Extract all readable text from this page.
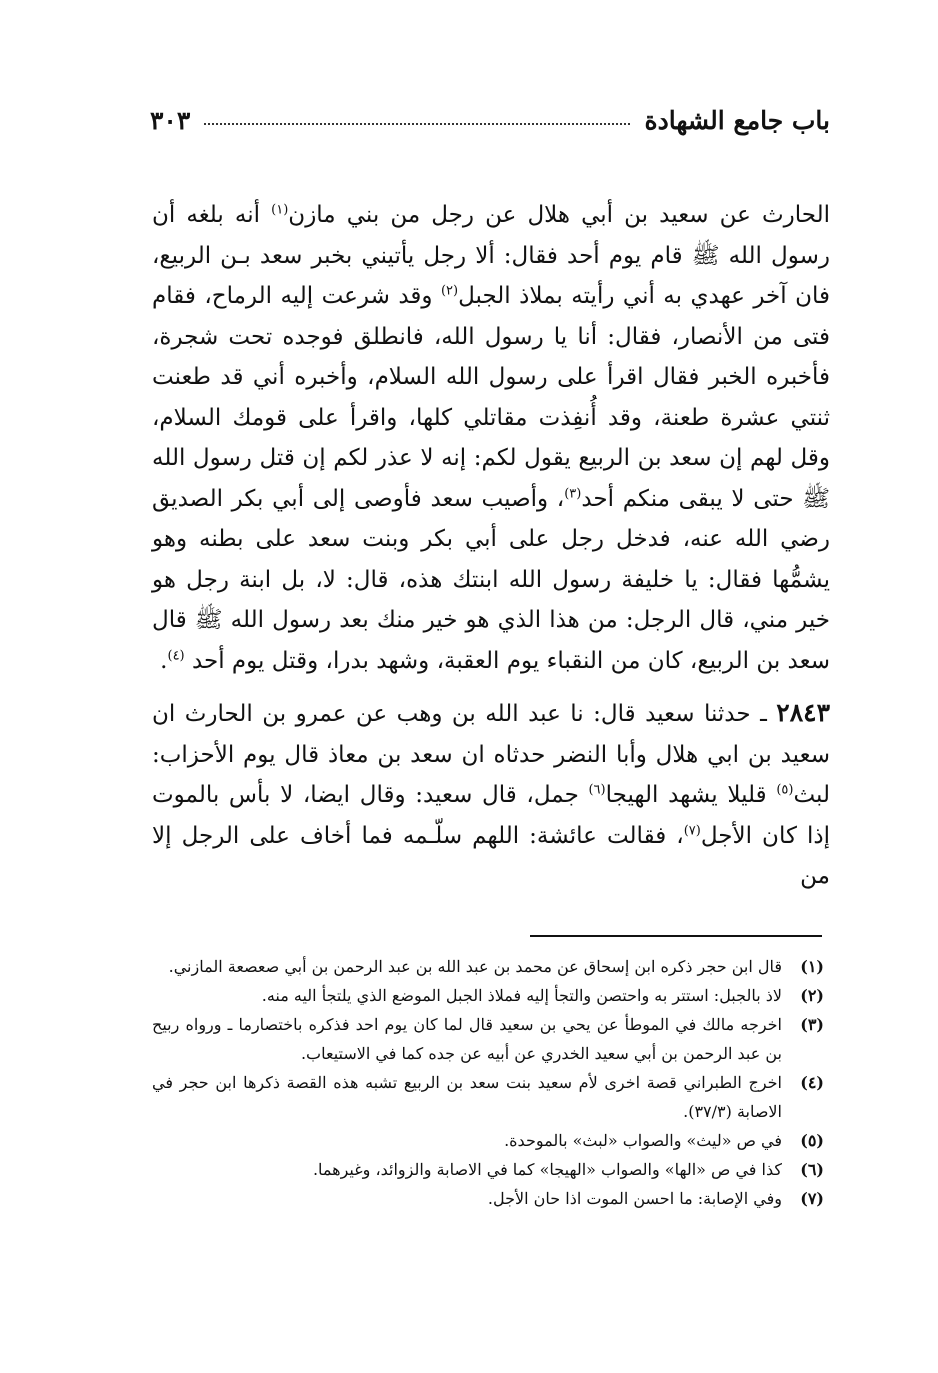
باب جامع الشهادة
٣٠٣

الحارث عن سعيد بن أبي هلال عن رجل من بني مازن$^{(١)}$ أنه بلغه أن رسول الله ﷺ قام يوم أحد فقال: ألا رجل يأتيني بخبر سعد بـن الربيع، فان آخر عهدي به أني رأيته بملاذ الجبل$^{(٢)}$ وقد شرعت إليه الرماح، فقام فتى من الأنصار، فقال: أنا يا رسول الله، فانطلق فوجده تحت شجرة، فأخبره الخبر فقال اقرأ على رسول الله السلام، وأخبره أني قد طعنت ثنتي عشرة طعنة، وقد أُنفِذت مقاتلي كلها، واقرأ على قومك السلام، وقل لهم إن سعد بن الربيع يقول لكم: إنه لا عذر لكم إن قتل رسول الله ﷺ حتى لا يبقى منكم أحد$^{(٣)}$، وأصيب سعد فأوصى إلى أبي بكر الصديق رضي الله عنه، فدخل رجل على أبي بكر وبنت سعد على بطنه وهو يشمُّها فقال: يا خليفة رسول الله ابنتك هذه، قال: لا، بل ابنة رجل هو خير مني، قال الرجل: من هذا الذي هو خير منك بعد رسول الله ﷺ قال سعد بن الربيع، كان من النقباء يوم العقبة، وشهد بدرا، وقتل يوم أحد $^{(٤)}$.

٢٨٤٣ ـ حدثنا سعيد قال: نا عبد الله بن وهب عن عمرو بن الحارث ان سعيد بن ابي هلال وأبا النضر حدثاه ان سعد بن معاذ قال يوم الأحزاب: لبث$^{(٥)}$ قليلا يشهد الهيجا$^{(٦)}$ جمل، قال سعيد: وقال ايضا، لا بأس بالموت إذا كان الأجل$^{(٧)}$، فقالت عائشة: اللهم سلّـمه فما أخاف على الرجل إلا من

(١)
قال ابن حجر ذكره ابن إسحاق عن محمد بن عبد الله بن عبد الرحمن بن أبي صعصعة المازني.
(٢)
لاذ بالجبل: استتر به واحتصن والتجأ إليه فملاذ الجبل الموضع الذي يلتجأ اليه منه.
(٣)
اخرجه مالك في الموطأ عن يحي بن سعيد قال لما كان يوم احد فذكره باختصارما ـ ورواه ربيح بن عبد الرحمن بن أبي سعيد الخدري عن أبيه عن جده كما في الاستيعاب.
(٤)
اخرج الطبراني قصة اخرى لأم سعيد بنت سعد بن الربيع تشبه هذه القصة ذكرها ابن حجر في الاصابة (٣٧/٣).
(٥)
في ص «ليث» والصواب «لبث» بالموحدة.
(٦)
كذا في ص «الها» والصواب «الهيجا» كما في الاصابة والزوائد، وغيرهما.
(٧)
وفي الإصابة: ما احسن الموت اذا حان الأجل.
